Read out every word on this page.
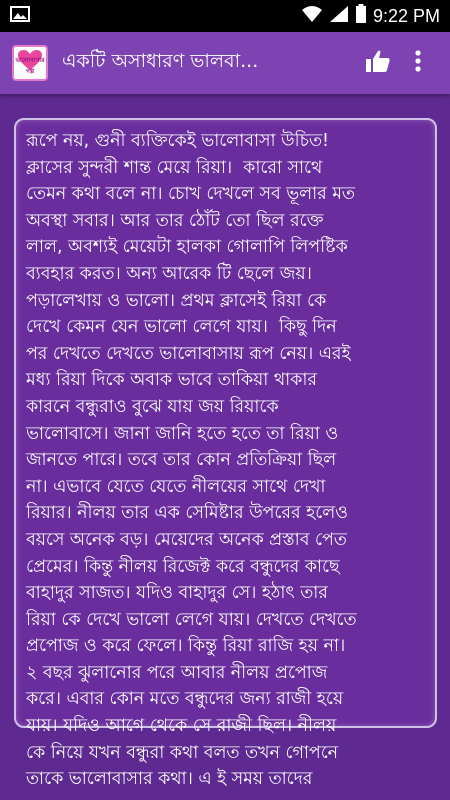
9:22 PM
ভালোবাসার গল্প	একটি অসাধারণ ভালবা...
রূপে নয়, গুনী ব্যক্তিকেই ভালোবাসা উচিত!
ক্লাসের সুন্দরী শান্ত মেয়ে রিয়া।  কারো সাথে
তেমন কথা বলে না। চোখ দেখলে সব ভূলার মত
অবস্থা সবার। আর তার ঠোঁট তো ছিল রক্তে
লাল, অবশ্যই মেয়েটা হালকা গোলাপি লিপষ্টিক
ব্যবহার করত। অন্য আরেক টি ছেলে জয়।
পড়ালেখায় ও ভালো। প্রথম ক্লাসেই রিয়া কে
দেখে কেমন যেন ভালো লেগে যায়।  কিছু দিন
পর দেখতে দেখতে ভালোবাসায় রূপ নেয়। এরই
মধ্য রিয়া দিকে অবাক ভাবে তাকিয়া থাকার
কারনে বন্ধুরাও বুঝে যায় জয় রিয়াকে
ভালোবাসে। জানা জানি হতে হতে তা রিয়া ও
জানতে পারে। তবে তার কোন প্রতিক্রিয়া ছিল
না। এভাবে যেতে যেতে নীলয়ের সাথে দেখা
রিয়ার। নীলয় তার এক সেমিষ্টার উপরের হলেও
বয়সে অনেক বড়। মেয়েদের অনেক প্রস্তাব পেত
প্রেমের। কিন্তু নীলয় রিজেক্ট করে বন্ধুদের কাছে
বাহাদুর সাজত। যদিও বাহাদুর সে। হঠাৎ তার
রিয়া কে দেখে ভালো লেগে যায়। দেখতে দেখতে
প্রপোজ ও করে ফেলে। কিন্তু রিয়া রাজি হয় না।
২ বছর ঝুলানোর পরে আবার নীলয় প্রপোজ
করে। এবার কোন মতে বন্ধুদের জন্য রাজী হয়ে
যায়। যদিও আগে থেকে সে রাজী ছিল। নীলয়
কে নিয়ে যখন বন্ধুরা কথা বলত তখন গোপনে
তাকে ভালোবাসার কথা। এ ই সময় তাদের
